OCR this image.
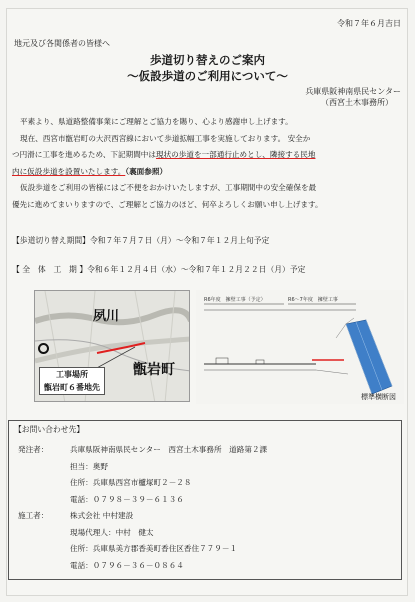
令和７年６月吉日
地元及び各関係者の皆様へ
歩道切り替えのご案内
～仮設歩道のご利用について～
兵庫県阪神南県民センター
（西宮土木事務所）

平素より、県道路整備事業にご理解とご協力を賜り、心より感謝申し上げます。

現在、西宮市甑岩町の大沢西宮線において歩道拡幅工事を実施しております。 安全か

つ円滑に工事を進めるため、下記期間中は現状の歩道を一部通行止めとし、隣接する民地
内に仮設歩道を設置いたします。（裏面参照）

仮設歩道をご利用の皆様にはご不便をおかけいたしますが、工事期間中の安全確保を最

優先に進めてまいりますので、ご理解とご協力のほど、何卒よろしくお願い申し上げます。
【歩道切り替え期間】令和７年７月７日（月）～令和７年１２月上旬予定
【 全　体　工　期 】令和６年１２月４日（水）～令和７年１２月２２日（月）予定
夙川
甑岩町
工事場所
甑岩町６番地先
R6年度　擁壁工事（予定）	R6～7年度　擁壁工事
標準横断図
【お問い合わせ先】
発注者：	兵庫県阪神南県民センター　西宮土木事務所　道路第２課
担当： 奥野
住所： 兵庫県西宮市櫨塚町２－２８
電話： ０７９８－３９－６１３６
施工者：	株式会社 中村建設
現場代理人： 中村　健太
住所： 兵庫県美方郡香美町香住区香住７７９－１
電話： ０７９６－３６－０８６４
